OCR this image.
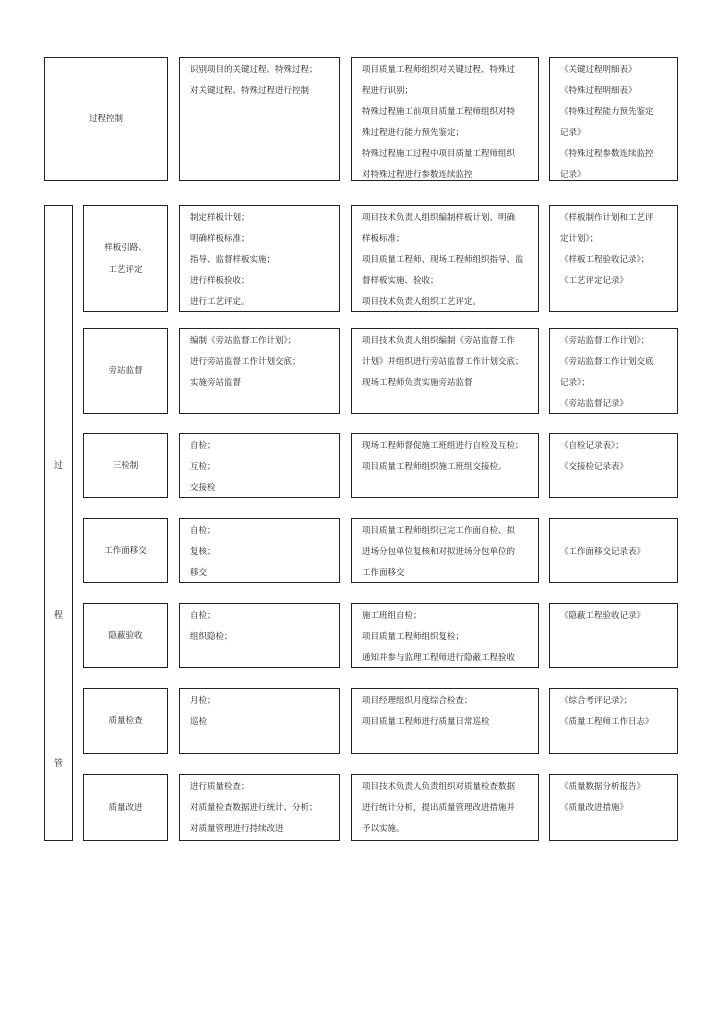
过程控制
识别项目的关键过程、特殊过程；
对关键过程、特殊过程进行控制
项目质量工程师组织对关键过程、特殊过
程进行识别；
特殊过程施工前项目质量工程师组织对特
殊过程进行能力预先鉴定；
特殊过程施工过程中项目质量工程师组织
对特殊过程进行参数连续监控
《关键过程明细表》
《特殊过程明细表》
《特殊过程能力预先鉴定
记录》
《特殊过程参数连续监控
记录》
过
程
管
样板引路、
工艺评定
制定样板计划；
明确样板标准；
指导、监督样板实施；
进行样板验收；
进行工艺评定。
项目技术负责人组织编制样板计划、明确
样板标准；
项目质量工程师、现场工程师组织指导、监
督样板实施、验收；
项目技术负责人组织工艺评定。
《样板制作计划和工艺评
定计划》；
《样板工程验收记录》；
《工艺评定记录》
旁站监督
编制《旁站监督工作计划》；
进行旁站监督工作计划交底；
实施旁站监督
项目技术负责人组织编制《旁站监督工作
计划》并组织进行旁站监督工作计划交底；
现场工程师负责实施旁站监督
《旁站监督工作计划》；
《旁站监督工作计划交底
记录》；
《旁站监督记录》
三检制
自检；
互检；
交接检
现场工程师督促施工班组进行自检及互检；
项目质量工程师组织施工班组交接检。
《自检记录表》；
《交接检记录表》
工作面移交
自检；
复核；
移交
项目质量工程师组织已完工作面自检、拟
进场分包单位复核和对拟进场分包单位的
工作面移交
《工作面移交记录表》
隐蔽验收
自检；
组织隐检；
施工班组自检；
项目质量工程师组织复检；
通知并参与监理工程师进行隐蔽工程验收
《隐蔽工程验收记录》
质量检查
月检；
巡检
项目经理组织月度综合检查；
项目质量工程师进行质量日常巡检
《综合考评记录》；
《质量工程师工作日志》
质量改进
进行质量检查；
对质量检查数据进行统计、分析；
对质量管理进行持续改进
项目技术负责人负责组织对质量检查数据
进行统计分析，提出质量管理改进措施并
予以实施。
《质量数据分析报告》
《质量改进措施》
